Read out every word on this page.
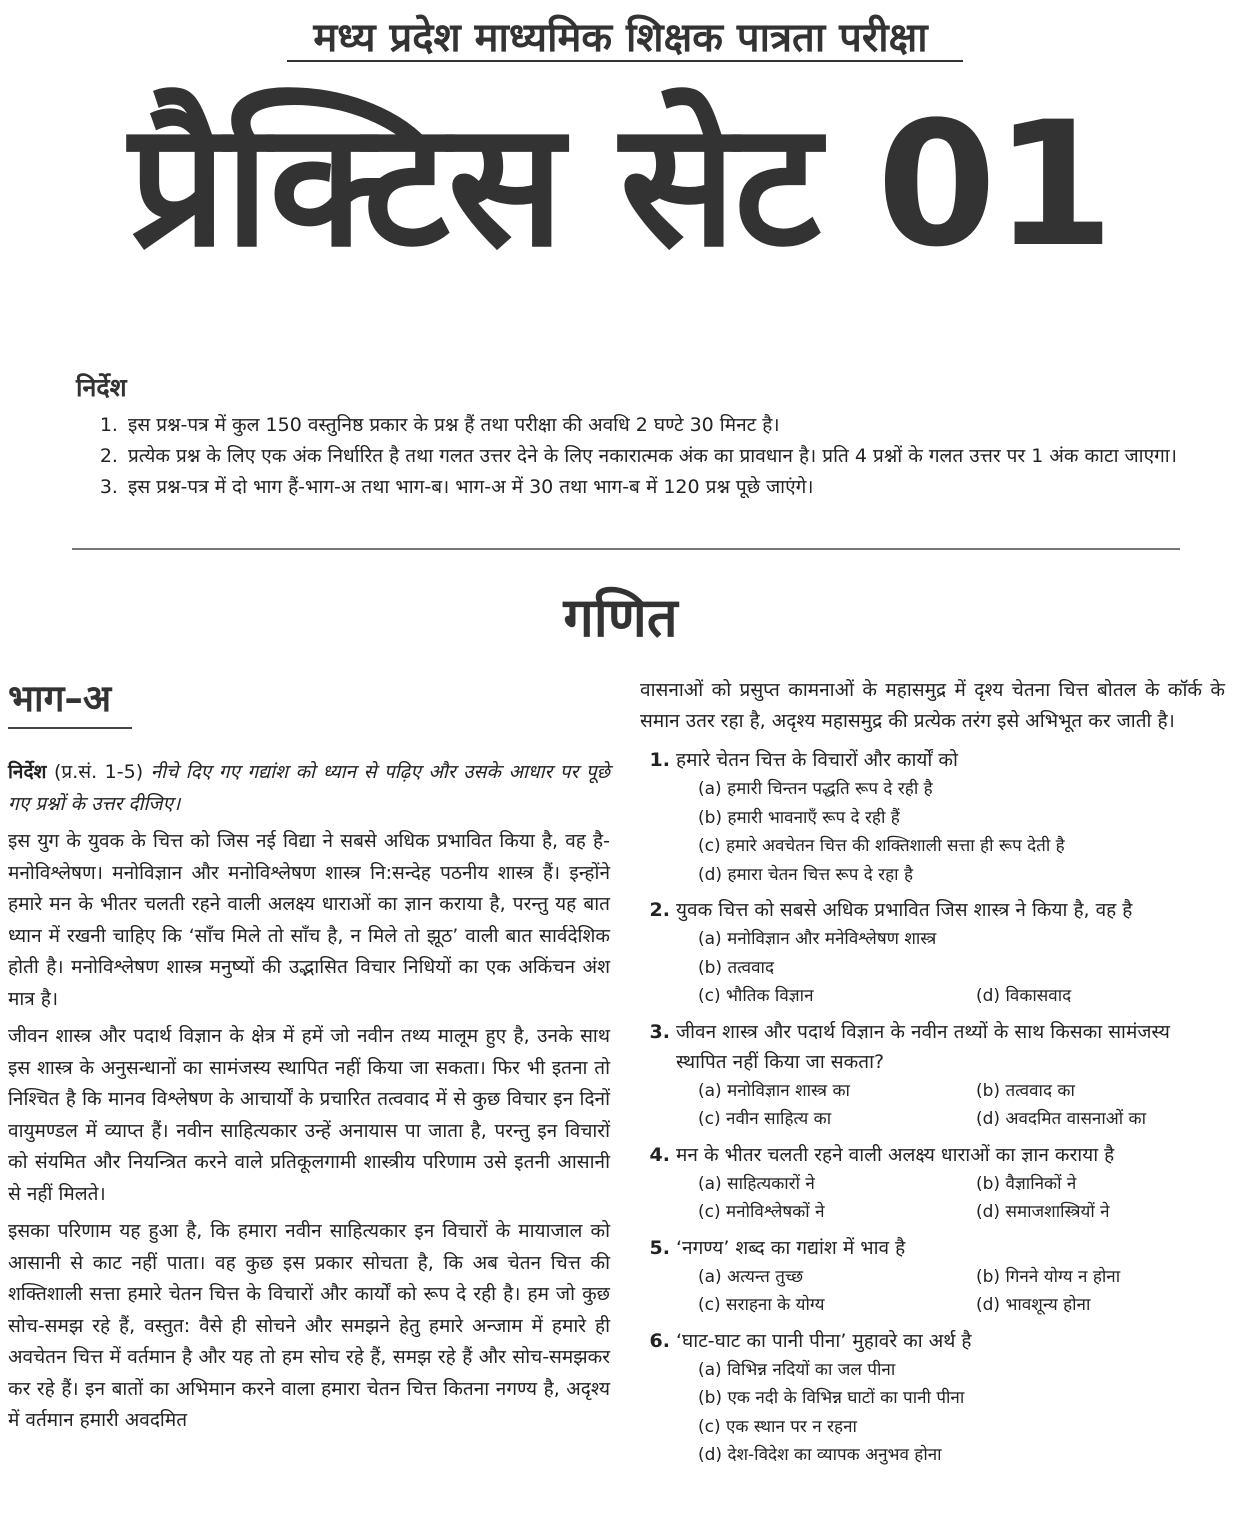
मध्य प्रदेश माध्यमिक शिक्षक पात्रता परीक्षा
प्रैक्टिस सेट 01
निर्देश
1. इस प्रश्न-पत्र में कुल 150 वस्तुनिष्ठ प्रकार के प्रश्न हैं तथा परीक्षा की अवधि 2 घण्टे 30 मिनट है।
2. प्रत्येक प्रश्न के लिए एक अंक निर्धारित है तथा गलत उत्तर देने के लिए नकारात्मक अंक का प्रावधान है। प्रति 4 प्रश्नों के गलत उत्तर पर 1 अंक काटा जाएगा।
3. इस प्रश्न-पत्र में दो भाग हैं-भाग-अ तथा भाग-ब। भाग-अ में 30 तथा भाग-ब में 120 प्रश्न पूछे जाएंगे।
गणित
भाग–अ

निर्देश (प्र.सं. 1-5) नीचे दिए गए गद्यांश को ध्यान से पढ़िए और उसके आधार पर पूछे गए प्रश्नों के उत्तर दीजिए।

इस युग के युवक के चित्त को जिस नई विद्या ने सबसे अधिक प्रभावित किया है, वह है-मनोविश्लेषण। मनोविज्ञान और मनोविश्लेषण शास्त्र नि:सन्देह पठनीय शास्त्र हैं। इन्होंने हमारे मन के भीतर चलती रहने वाली अलक्ष्य धाराओं का ज्ञान कराया है, परन्तु यह बात ध्यान में रखनी चाहिए कि ‘साँच मिले तो साँच है, न मिले तो झूठ’ वाली बात सार्वदेशिक होती है। मनोविश्लेषण शास्त्र मनुष्यों की उद्भासित विचार निधियों का एक अकिंचन अंश मात्र है।

जीवन शास्त्र और पदार्थ विज्ञान के क्षेत्र में हमें जो नवीन तथ्य मालूम हुए है, उनके साथ इस शास्त्र के अनुसन्धानों का सामंजस्य स्थापित नहीं किया जा सकता। फिर भी इतना तो निश्चित है कि मानव विश्लेषण के आचार्यों के प्रचारित तत्ववाद में से कुछ विचार इन दिनों वायुमण्डल में व्याप्त हैं। नवीन साहित्यकार उन्हें अनायास पा जाता है, परन्तु इन विचारों को संयमित और नियन्त्रित करने वाले प्रतिकूलगामी शास्त्रीय परिणाम उसे इतनी आसानी से नहीं मिलते।

इसका परिणाम यह हुआ है, कि हमारा नवीन साहित्यकार इन विचारों के मायाजाल को आसानी से काट नहीं पाता। वह कुछ इस प्रकार सोचता है, कि अब चेतन चित्त की शक्तिशाली सत्ता हमारे चेतन चित्त के विचारों और कार्यों को रूप दे रही है। हम जो कुछ सोच-समझ रहे हैं, वस्तुत: वैसे ही सोचने और समझने हेतु हमारे अन्जाम में हमारे ही अवचेतन चित्त में वर्तमान है और यह तो हम सोच रहे हैं, समझ रहे हैं और सोच-समझकर कर रहे हैं। इन बातों का अभिमान करने वाला हमारा चेतन चित्त कितना नगण्य है, अदृश्य में वर्तमान हमारी अवदमित

वासनाओं को प्रसुप्त कामनाओं के महासमुद्र में दृश्य चेतना चित्त बोतल के कॉर्क के समान उतर रहा है, अदृश्य महासमुद्र की प्रत्येक तरंग इसे अभिभूत कर जाती है।

1. हमारे चेतन चित्त के विचारों और कार्यों को
(a) हमारी चिन्तन पद्धति रूप दे रही है
(b) हमारी भावनाएँ रूप दे रही हैं
(c) हमारे अवचेतन चित्त की शक्तिशाली सत्ता ही रूप देती है
(d) हमारा चेतन चित्त रूप दे रहा है
2. युवक चित्त को सबसे अधिक प्रभावित जिस शास्त्र ने किया है, वह है
(a) मनोविज्ञान और मनेविश्लेषण शास्त्र
(b) तत्ववाद
(c) भौतिक विज्ञान	(d) विकासवाद
3. जीवन शास्त्र और पदार्थ विज्ञान के नवीन तथ्यों के साथ किसका सामंजस्य स्थापित नहीं किया जा सकता?
(a) मनोविज्ञान शास्त्र का	(b) तत्ववाद का
(c) नवीन साहित्य का	(d) अवदमित वासनाओं का
4. मन के भीतर चलती रहने वाली अलक्ष्य धाराओं का ज्ञान कराया है
(a) साहित्यकारों ने	(b) वैज्ञानिकों ने
(c) मनोविश्लेषकों ने	(d) समाजशास्त्रियों ने
5. ‘नगण्य’ शब्द का गद्यांश में भाव है
(a) अत्यन्त तुच्छ	(b) गिनने योग्य न होना
(c) सराहना के योग्य	(d) भावशून्य होना
6. ‘घाट-घाट का पानी पीना’ मुहावरे का अर्थ है
(a) विभिन्न नदियों का जल पीना
(b) एक नदी के विभिन्न घाटों का पानी पीना
(c) एक स्थान पर न रहना
(d) देश-विदेश का व्यापक अनुभव होना
